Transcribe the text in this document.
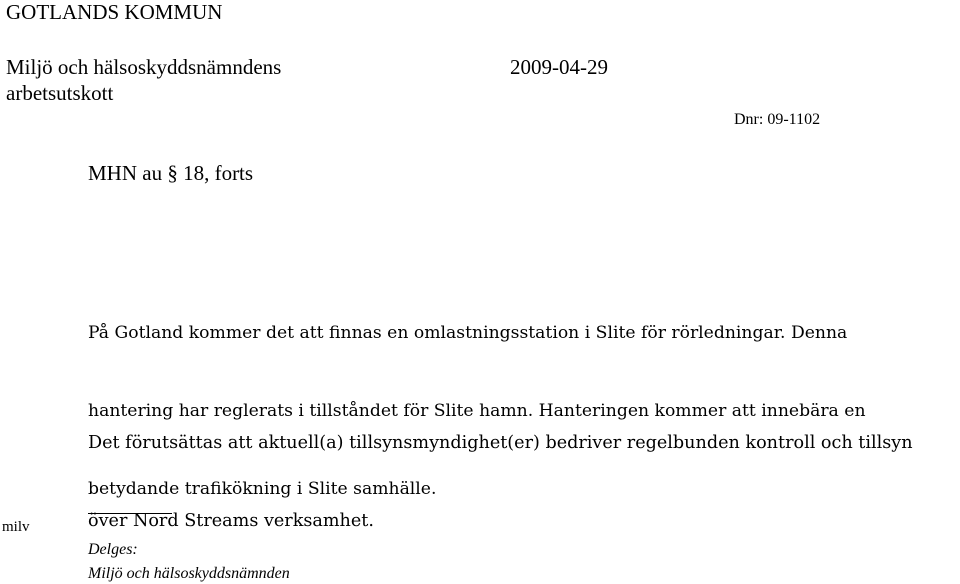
GOTLANDS KOMMUN
Miljö och hälsoskyddsnämndens
arbetsutskott
2009-04-29
Dnr: 09-1102
MHN au § 18, forts

På Gotland kommer det att finnas en omlastningsstation i Slite för rörledningar. Denna

hantering har reglerats i tillståndet för Slite hamn. Hanteringen kommer att innebära en

betydande trafikökning i Slite samhälle.

Det förutsättas att aktuell(a) tillsynsmyndighet(er) bedriver regelbunden kontroll och tillsyn

över Nord Streams verksamhet.

milv
Delges:
Miljö och hälsoskyddsnämnden
